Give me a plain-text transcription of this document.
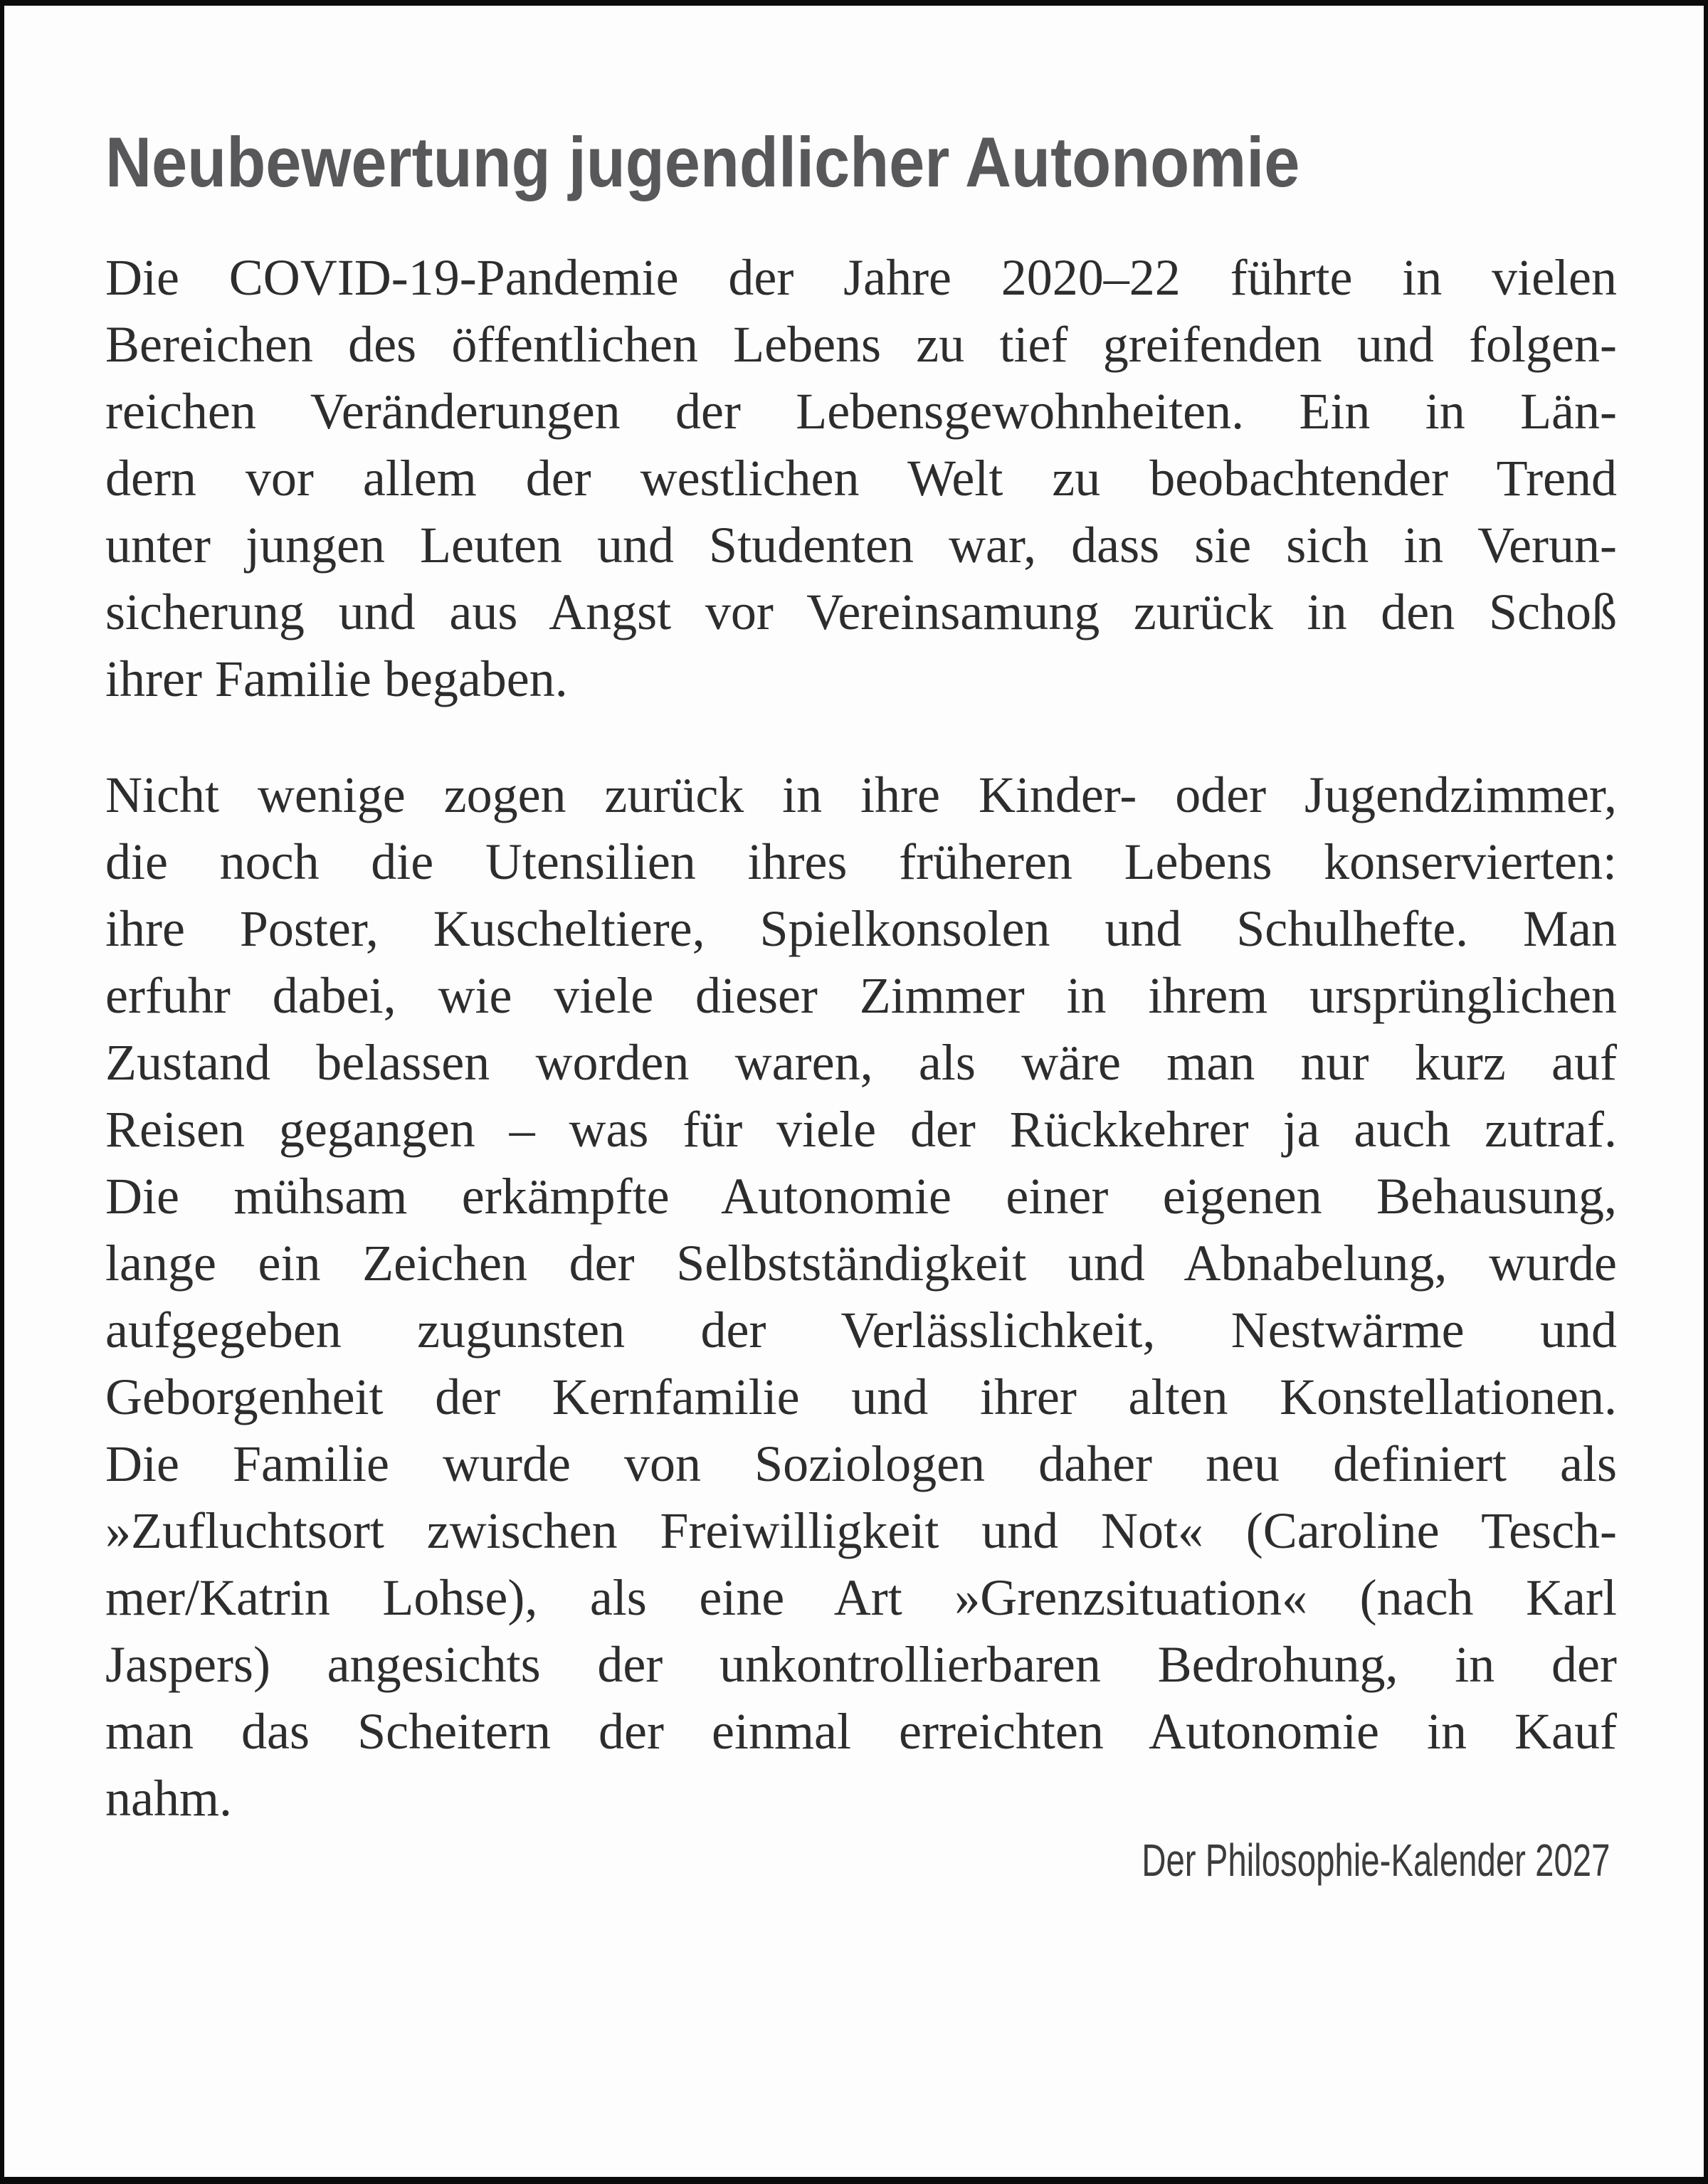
Neubewertung jugendlicher Autonomie
Die COVID-19-Pandemie der Jahre 2020–22 führte in vielen
Bereichen des öffentlichen Lebens zu tief greifenden und folgen-
reichen Veränderungen der Lebensgewohnheiten. Ein in Län-
dern vor allem der westlichen Welt zu beobachtender Trend
unter jungen Leuten und Studenten war, dass sie sich in Verun-
sicherung und aus Angst vor Vereinsamung zurück in den Schoß
ihrer Familie begaben.
Nicht wenige zogen zurück in ihre Kinder- oder Jugendzimmer,
die noch die Utensilien ihres früheren Lebens konservierten:
ihre Poster, Kuscheltiere, Spielkonsolen und Schulhefte. Man
erfuhr dabei, wie viele dieser Zimmer in ihrem ursprünglichen
Zustand belassen worden waren, als wäre man nur kurz auf
Reisen gegangen – was für viele der Rückkehrer ja auch zutraf.
Die mühsam erkämpfte Autonomie einer eigenen Behausung,
lange ein Zeichen der Selbstständigkeit und Abnabelung, wurde
aufgegeben zugunsten der Verlässlichkeit, Nestwärme und
Geborgenheit der Kernfamilie und ihrer alten Konstellationen.
Die Familie wurde von Soziologen daher neu definiert als
»Zufluchtsort zwischen Freiwilligkeit und Not« (Caroline Tesch-
mer/Katrin Lohse), als eine Art »Grenzsituation« (nach Karl
Jaspers) angesichts der unkontrollierbaren Bedrohung, in der
man das Scheitern der einmal erreichten Autonomie in Kauf
nahm.
Der Philosophie-Kalender 2027
